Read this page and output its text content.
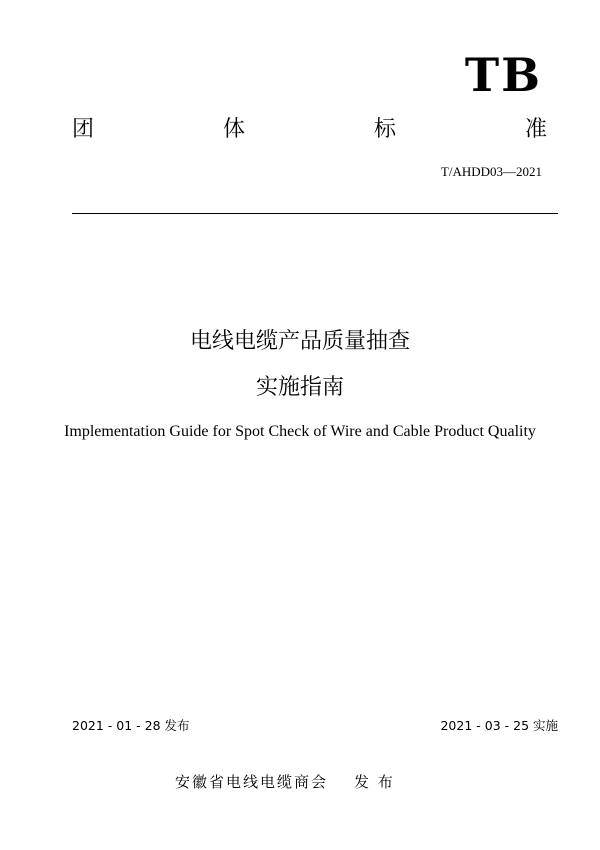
TB
团	体	标	准
T/AHDD03—2021
电线电缆产品质量抽查
实施指南
Implementation Guide for Spot Check of Wire and Cable Product Quality
2021 - 01 - 28 发布	2021 - 03 - 25 实施
安徽省电线电缆商会 发 布
